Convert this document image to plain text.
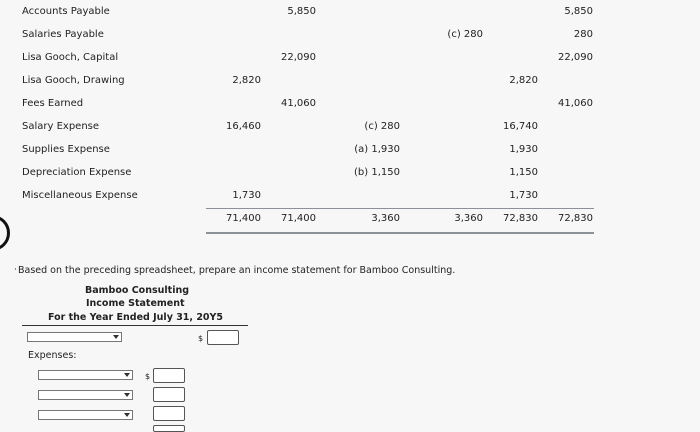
Accounts Payable
Salaries Payable
Lisa Gooch, Capital
Lisa Gooch, Drawing
Fees Earned
Salary Expense
Supplies Expense
Depreciation Expense
Miscellaneous Expense
2,820
16,460
1,730
71,400
5,850
22,090
41,060
71,400
(c) 280
(a) 1,930
(b) 1,150
3,360
(c) 280
3,360
2,820
16,740
1,930
1,150
1,730
72,830
5,850
280
22,090
41,060
72,830
· Based on the preceding spreadsheet, prepare an income statement for Bamboo Consulting.
Bamboo Consulting
Income Statement
For the Year Ended July 31, 20Y5
$
Expenses:
$
